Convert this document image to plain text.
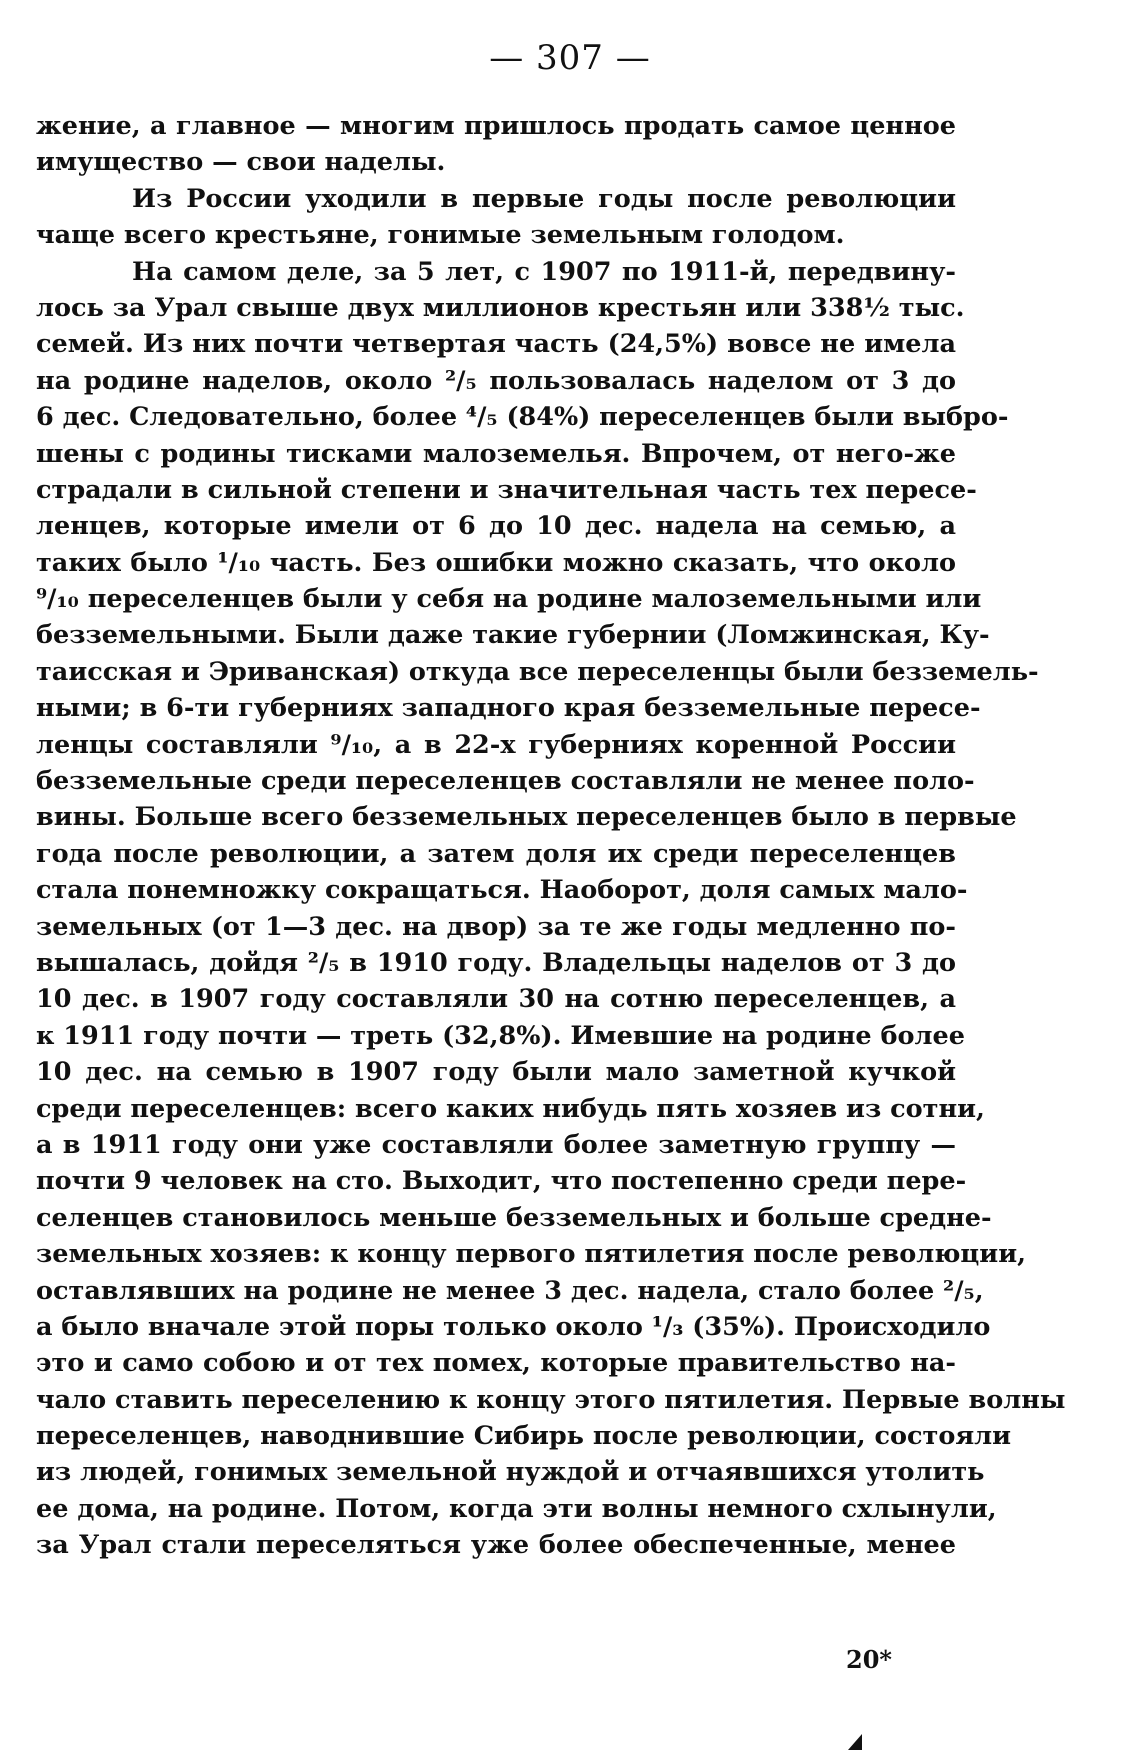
— 307 —
жение, а главное — многим пришлось продать самое ценное
имущество — свои наделы.
Из России уходили в первые годы после революции
чаще всего крестьяне, гонимые земельным голодом.
На самом деле, за 5 лет, с 1907 по 1911-й, передвину-
лось за Урал свыше двух миллионов крестьян или 338½ тыс.
семей. Из них почти четвертая часть (24,5%) вовсе не имела
на родине наделов, около ²/₅ пользовалась наделом от 3 до
6 дес. Следовательно, более ⁴/₅ (84%) переселенцев были выбро-
шены с родины тисками малоземелья. Впрочем, от него-же
страдали в сильной степени и значительная часть тех пересе-
ленцев, которые имели от 6 до 10 дес. надела на семью, а
таких было ¹/₁₀ часть. Без ошибки можно сказать, что около
⁹/₁₀ переселенцев были у себя на родине малоземельными или
безземельными. Были даже такие губернии (Ломжинская, Ку-
таисская и Эриванская) откуда все переселенцы были безземель-
ными; в 6-ти губерниях западного края безземельные пересе-
ленцы составляли ⁹/₁₀, а в 22-х губерниях коренной России
безземельные среди переселенцев составляли не менее поло-
вины. Больше всего безземельных переселенцев было в первые
года после революции, а затем доля их среди переселенцев
стала понемножку сокращаться. Наоборот, доля самых мало-
земельных (от 1—3 дес. на двор) за те же годы медленно по-
вышалась, дойдя ²/₅ в 1910 году. Владельцы наделов от 3 до
10 дес. в 1907 году составляли 30 на сотню переселенцев, а
к 1911 году почти — треть (32,8%). Имевшие на родине более
10 дес. на семью в 1907 году были мало заметной кучкой
среди переселенцев: всего каких нибудь пять хозяев из сотни,
а в 1911 году они уже составляли более заметную группу —
почти 9 человек на сто. Выходит, что постепенно среди пере-
селенцев становилось меньше безземельных и больше средне-
земельных хозяев: к концу первого пятилетия после революции,
оставлявших на родине не менее 3 дес. надела, стало более ²/₅,
а было вначале этой поры только около ¹/₃ (35%). Происходило
это и само собою и от тех помех, которые правительство на-
чало ставить переселению к концу этого пятилетия. Первые волны
переселенцев, наводнившие Сибирь после революции, состояли
из людей, гонимых земельной нуждой и отчаявшихся утолить
ее дома, на родине. Потом, когда эти волны немного схлынули,
за Урал стали переселяться уже более обеспеченные, менее
20*
